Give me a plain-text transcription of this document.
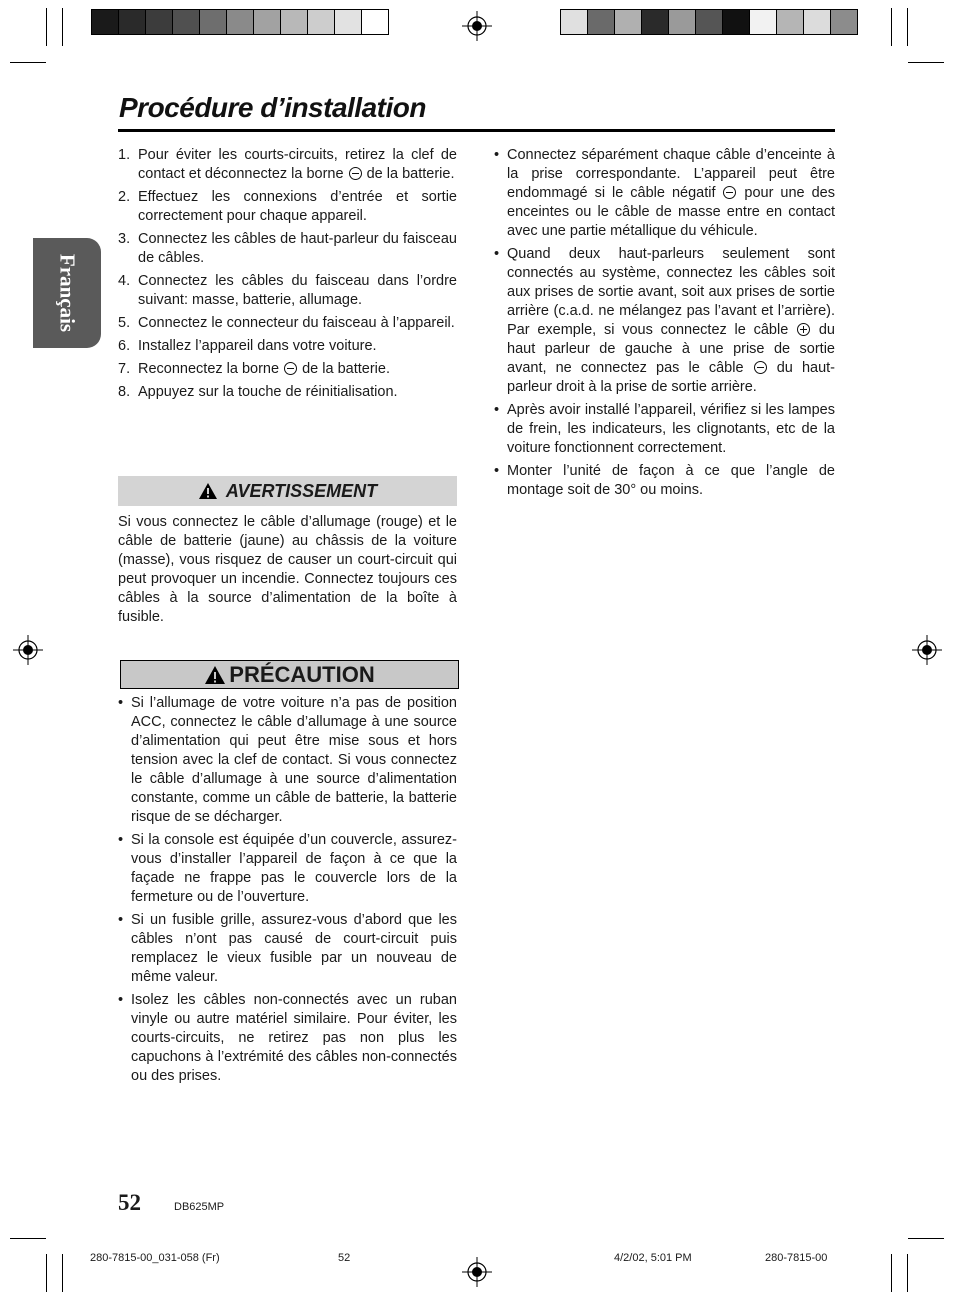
Procédure d’installation
Français
1. Pour éviter les courts-circuits, retirez la clef de contact et déconnectez la borne  de la batterie.
2. Effectuez les connexions d’entrée et sortie correctement pour chaque appareil.
3. Connectez les câbles de haut-parleur du faisceau de câbles.
4. Connectez les câbles du faisceau dans l’ordre suivant: masse, batterie, allumage.
5. Connectez le connecteur du faisceau à l’appareil.
6. Installez l’appareil dans votre voiture.
7. Reconnectez la borne  de la batterie.
8. Appuyez sur la touche de réinitialisation.
AVERTISSEMENT
Si vous connectez le câble d’allumage (rouge) et le câble de batterie (jaune) au châssis de la voiture (masse), vous risquez de causer un court-circuit qui peut provoquer un incendie. Connectez toujours ces câbles à la source d’alimentation de la boîte à fusible.
PRÉCAUTION
• Si l’allumage de votre voiture n’a pas de position ACC, connectez le câble d’allumage à une source d’alimentation qui peut être mise sous et hors tension avec la clef de contact. Si vous connectez le câble d’allumage à une source d’alimentation constante, comme un câble de batterie, la batterie risque de se décharger.
• Si la console est équipée d’un couvercle, assurez-vous d’installer l’appareil de façon à ce que la façade ne frappe pas le couvercle lors de la fermeture ou de l’ouverture.
• Si un fusible grille, assurez-vous d’abord que les câbles n’ont pas causé de court-circuit puis remplacez le vieux fusible par un nouveau de même valeur.
• Isolez les câbles non-connectés avec un ruban vinyle ou autre matériel similaire. Pour éviter, les courts-circuits, ne retirez pas non plus les capuchons à l’extrémité des câbles non-connectés ou des prises.
• Connectez séparément chaque câble d’enceinte à la prise correspondante. L’appareil peut être endommagé si le câble négatif  pour une des enceintes ou le câble de masse entre en contact avec une partie métallique du véhicule.
• Quand deux haut-parleurs seulement sont connectés au système, connectez les câbles soit aux prises de sortie avant, soit aux prises de sortie arrière (c.a.d. ne mélangez pas l’avant et l’arrière). Par exemple, si vous connectez le câble  du haut parleur de gauche à une prise de sortie avant, ne connectez pas le câble  du haut-parleur droit à la prise de sortie arrière.
• Après avoir installé l’appareil, vérifiez si les lampes de frein, les indicateurs, les clignotants, etc de la voiture fonctionnent correctement.
• Monter l’unité de façon à ce que l’angle de montage soit de 30° ou moins.
52	DB625MP
280-7815-00_031-058 (Fr)	52	4/2/02, 5:01 PM	280-7815-00
